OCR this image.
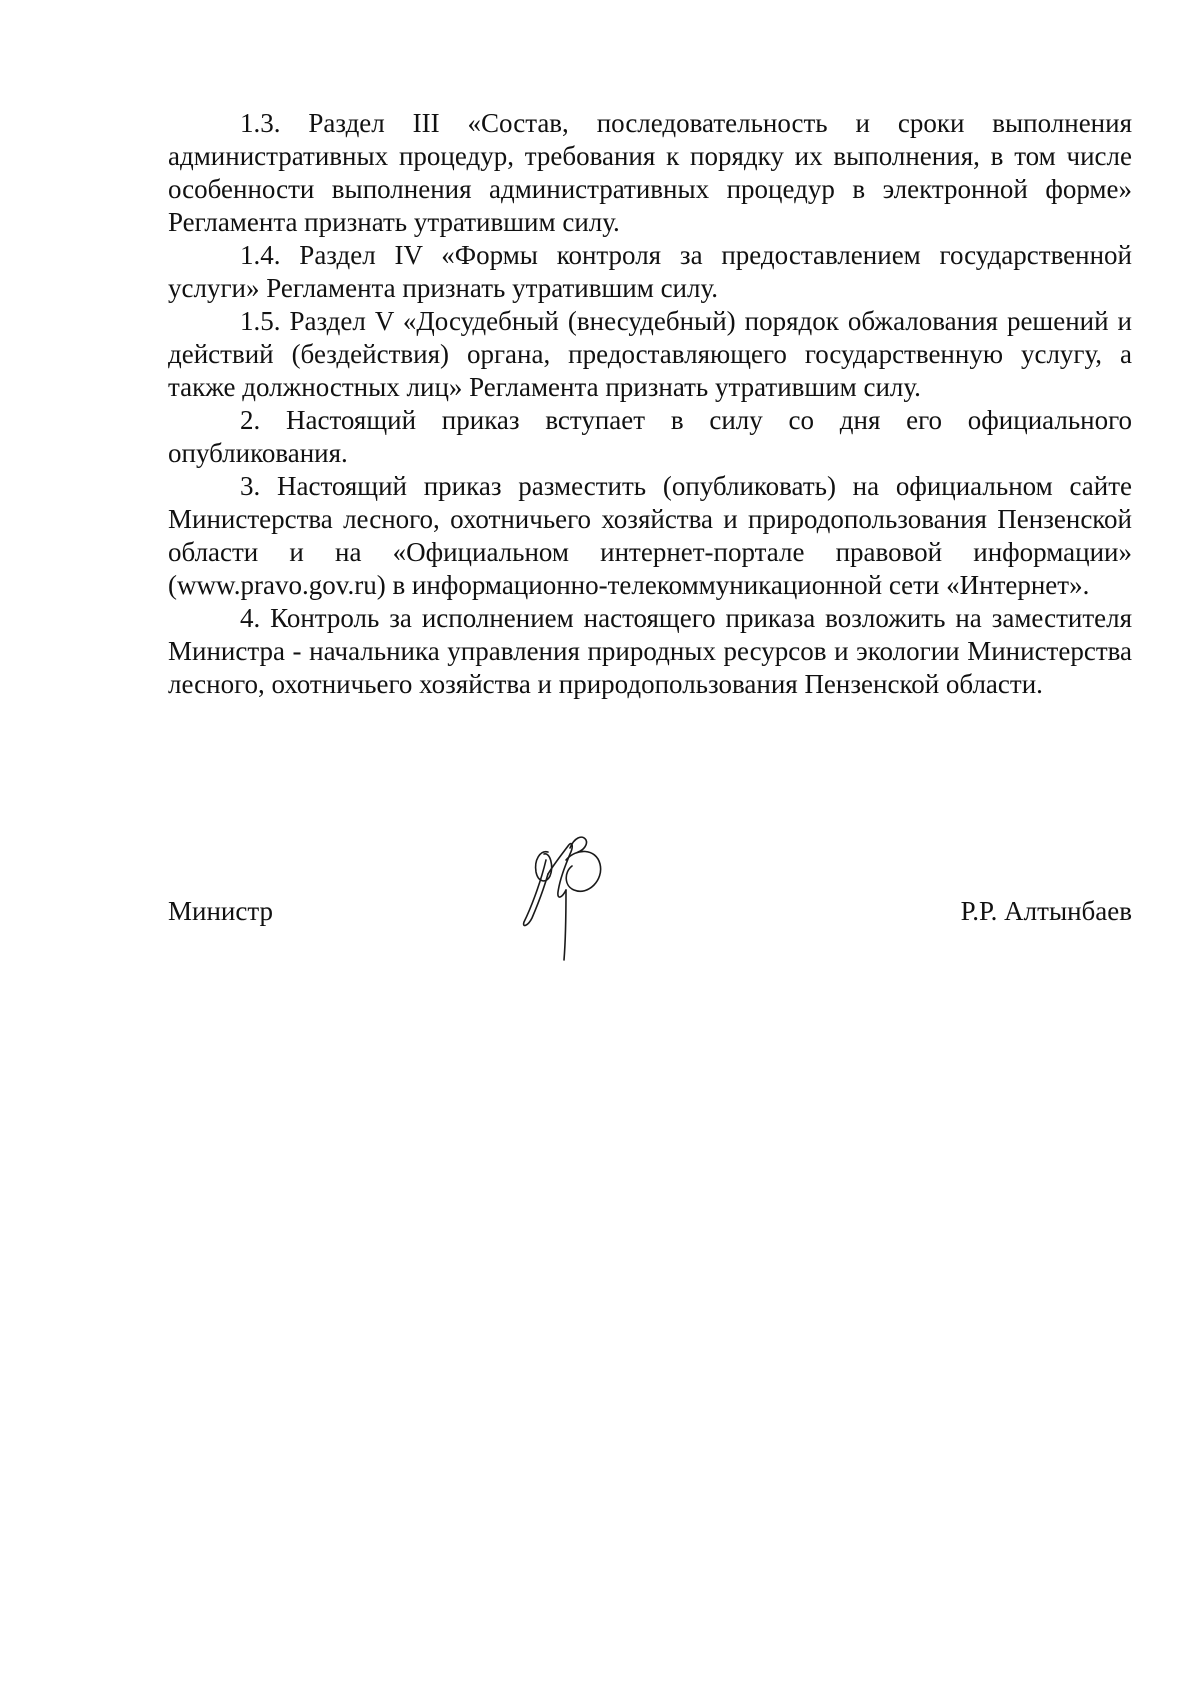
1.3. Раздел III «Состав, последовательность и сроки выполнения административных процедур, требования к порядку их выполнения, в том числе особенности выполнения административных процедур в электронной форме» Регламента признать утратившим силу.

1.4. Раздел IV «Формы контроля за предоставлением государственной услуги» Регламента признать утратившим силу.

1.5. Раздел V «Досудебный (внесудебный) порядок обжалования решений и действий (бездействия) органа, предоставляющего государственную услугу, а также должностных лиц» Регламента признать утратившим силу.

2. Настоящий приказ вступает в силу со дня его официального опубликования.

3. Настоящий приказ разместить (опубликовать) на официальном сайте Министерства лесного, охотничьего хозяйства и природопользования Пензенской области и на «Официальном интернет-портале правовой информации» (www.pravo.gov.ru) в информационно-телекоммуникационной сети «Интернет».

4. Контроль за исполнением настоящего приказа возложить на заместителя Министра - начальника управления природных ресурсов и экологии Министерства лесного, охотничьего хозяйства и природопользования Пензенской области.

Министр	Р.Р. Алтынбаев
